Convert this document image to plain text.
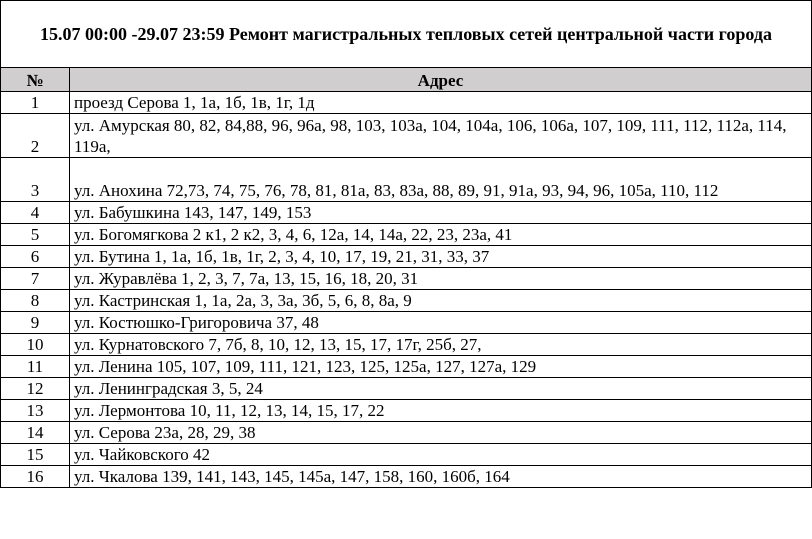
15.07 00:00 -29.07 23:59 Ремонт магистральных тепловых сетей центральной части города	
№	Адрес
1	проезд Серова 1, 1а, 1б, 1в, 1г, 1д
2	ул. Амурская 80, 82, 84,88, 96, 96а, 98, 103, 103а, 104, 104а, 106, 106а, 107, 109, 111, 112, 112а, 114, 119а,
3	ул. Анохина 72,73, 74, 75, 76, 78, 81, 81а, 83, 83а, 88, 89, 91, 91а, 93, 94, 96, 105а, 110, 112
4	ул. Бабушкина 143, 147, 149, 153
5	ул. Богомягкова 2 к1, 2 к2, 3, 4, 6, 12а, 14, 14а, 22, 23, 23а, 41
6	ул. Бутина 1, 1а, 1б, 1в, 1г, 2, 3, 4, 10, 17, 19, 21, 31, 33, 37
7	ул. Журавлёва 1, 2, 3, 7, 7а, 13, 15, 16, 18, 20, 31
8	ул. Кастринская 1, 1а, 2а, 3, 3а, 3б, 5, 6, 8, 8а, 9
9	ул. Костюшко-Григоровича 37, 48
10	ул. Курнатовского 7, 7б, 8, 10, 12, 13, 15, 17, 17г, 25б, 27,
11	ул. Ленина 105, 107, 109, 111, 121, 123, 125, 125а, 127, 127а, 129
12	ул. Ленинградская 3, 5, 24
13	ул. Лермонтова 10, 11, 12, 13, 14, 15, 17, 22
14	ул. Серова 23а, 28, 29, 38
15	ул. Чайковского 42
16	ул. Чкалова 139, 141, 143, 145, 145а, 147, 158, 160, 160б, 164
